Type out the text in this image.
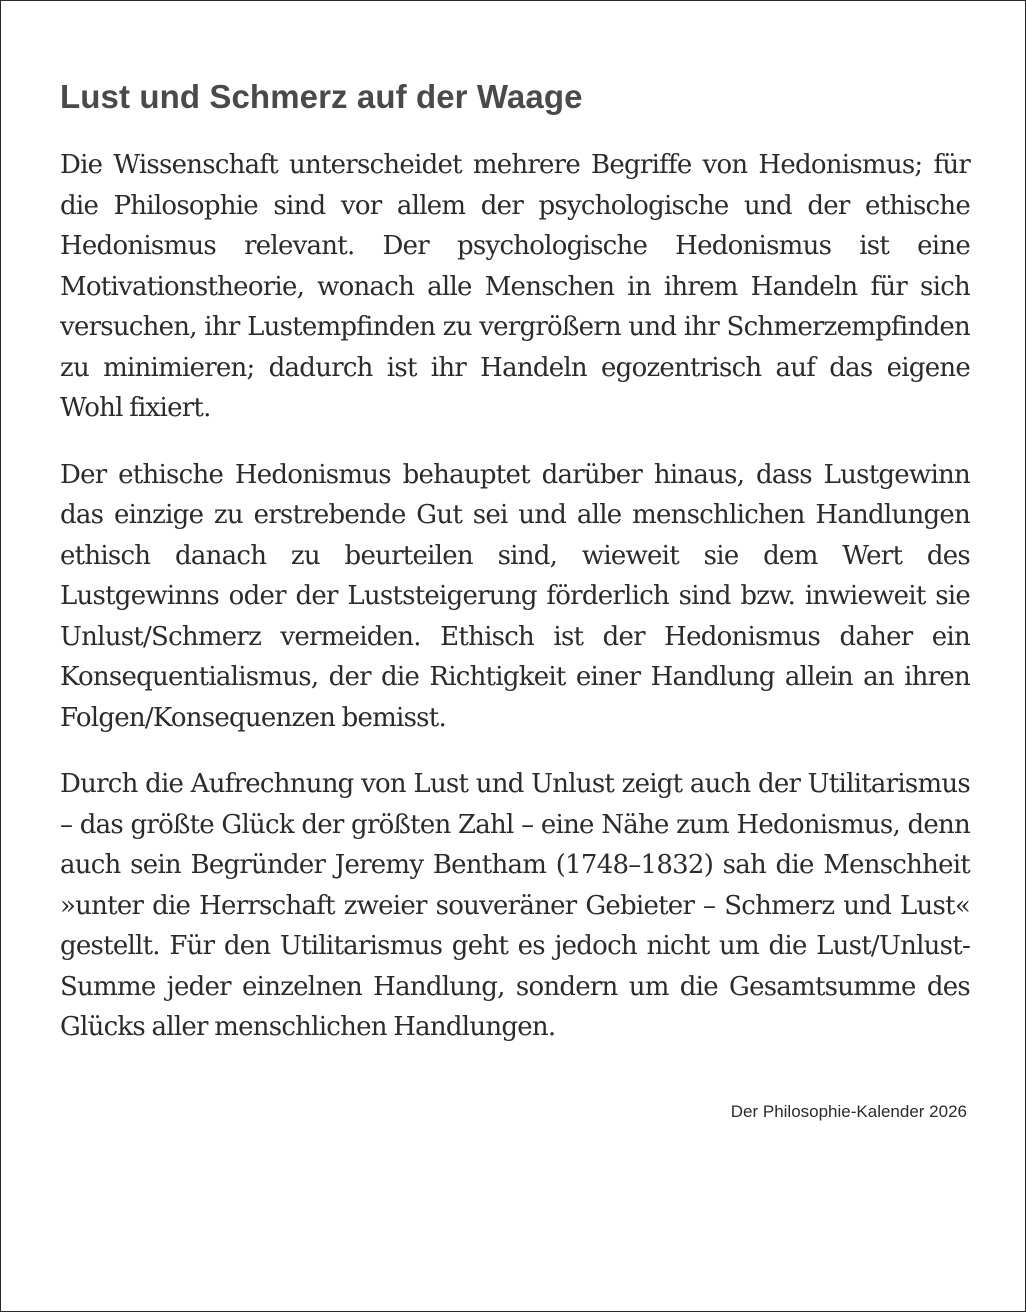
Lust und Schmerz auf der Waage

Die Wissenschaft unterscheidet mehrere Begriffe von Hedonismus; für die Philosophie sind vor allem der psychologische und der ethische Hedonismus relevant. Der psychologische Hedonismus ist eine Motivationstheorie, wonach alle Menschen in ihrem Handeln für sich versuchen, ihr Lustempfinden zu vergrößern und ihr Schmerzempfinden zu minimieren; dadurch ist ihr Handeln egozentrisch auf das eigene Wohl fixiert.

Der ethische Hedonismus behauptet darüber hinaus, dass Lustgewinn das einzige zu erstrebende Gut sei und alle menschlichen Handlungen ethisch danach zu beurteilen sind, wieweit sie dem Wert des Lustgewinns oder der Luststeigerung förderlich sind bzw. inwieweit sie Unlust/Schmerz vermeiden. Ethisch ist der Hedonismus daher ein Konsequentialismus, der die Richtigkeit einer Handlung allein an ihren Folgen/Konsequenzen bemisst.

Durch die Aufrechnung von Lust und Unlust zeigt auch der Utilitarismus – das größte Glück der größten Zahl – eine Nähe zum Hedonismus, denn auch sein Begründer Jeremy Bentham (1748–1832) sah die Menschheit »unter die Herrschaft zweier souveräner Gebieter – Schmerz und Lust« gestellt. Für den Utilitarismus geht es jedoch nicht um die Lust/Unlust-Summe jeder einzelnen Handlung, sondern um die Gesamtsumme des Glücks aller menschlichen Handlungen.

Der Philosophie-Kalender 2026
